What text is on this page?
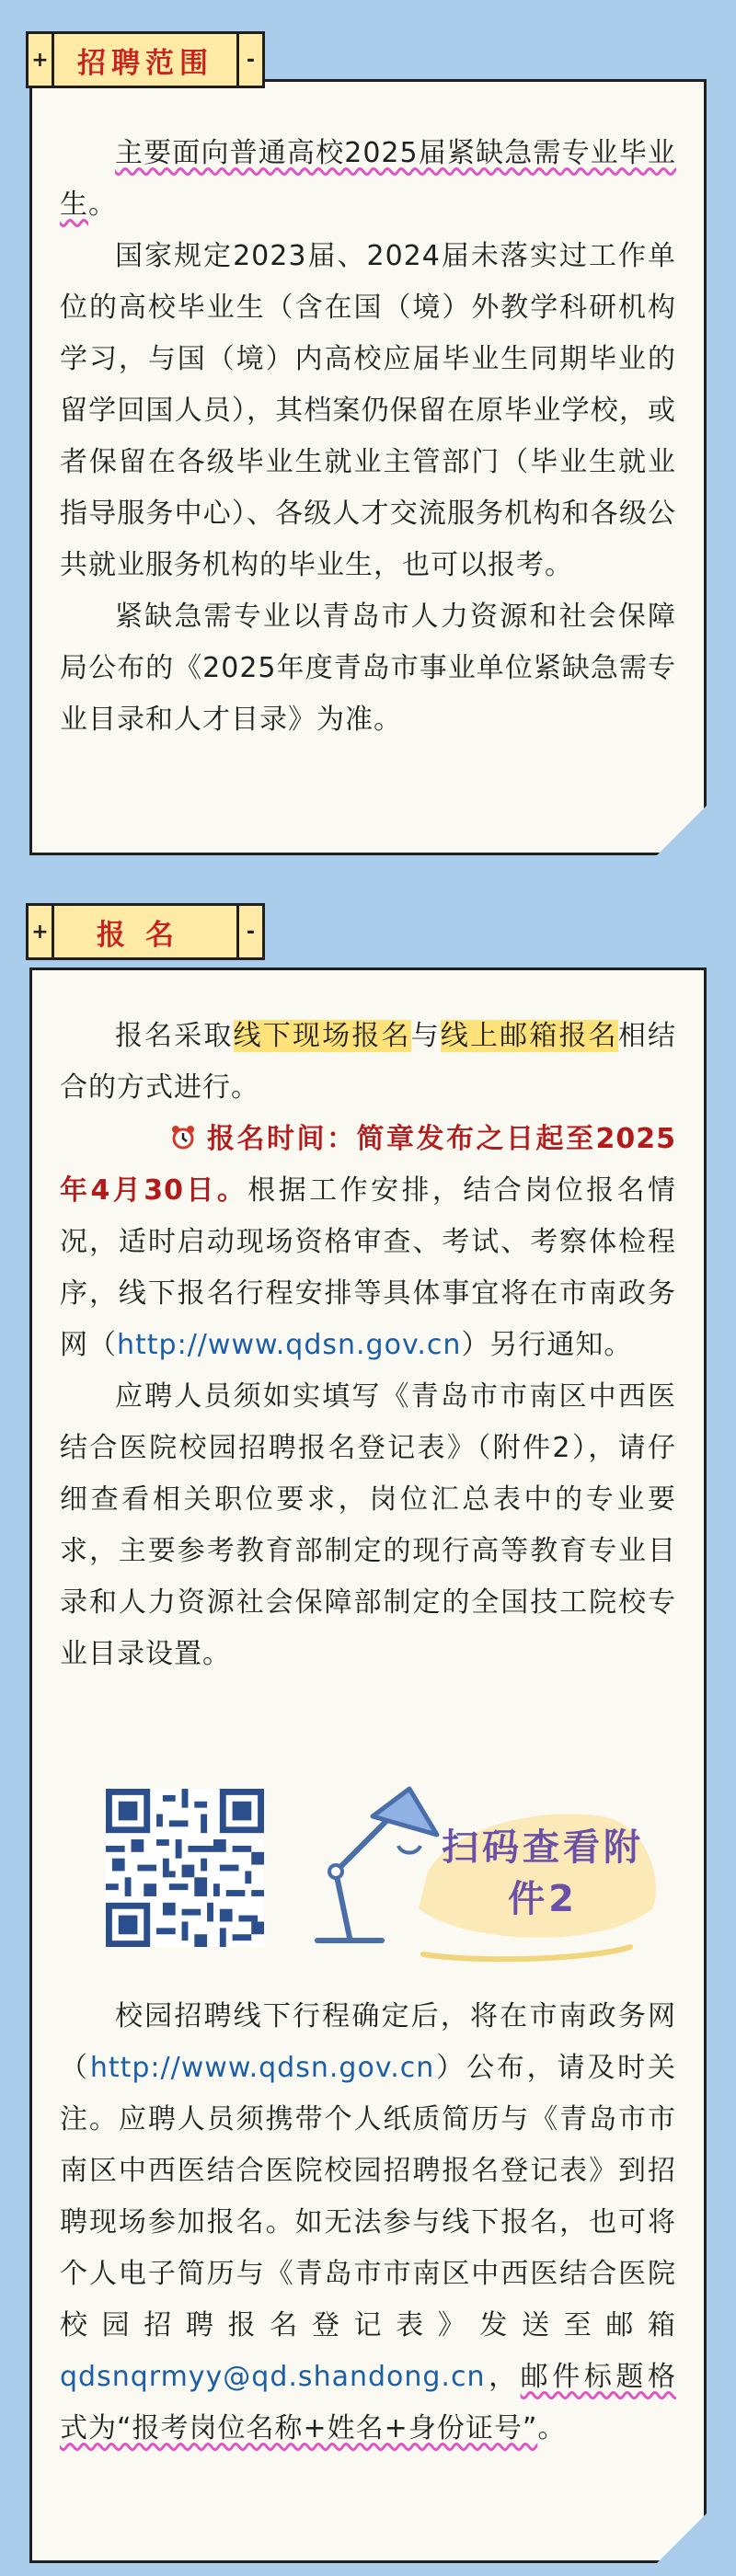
主要面向普通高校2025届紧缺急需专业毕业生。

国家规定2023届、2024届未落实过工作单位的高校毕业生（含在国（境）外教学科研机构学习，与国（境）内高校应届毕业生同期毕业的留学回国人员），其档案仍保留在原毕业学校，或者保留在各级毕业生就业主管部门（毕业生就业指导服务中心）、各级人才交流服务机构和各级公共就业服务机构的毕业生，也可以报考。

紧缺急需专业以青岛市人力资源和社会保障局公布的《2025年度青岛市事业单位紧缺急需专业目录和人才目录》为准。

+	招聘范围	-

报名采取线下现场报名与线上邮箱报名相结合的方式进行。

报名时间：简章发布之日起至2025年4月30日。根据工作安排，结合岗位报名情况，适时启动现场资格审查、考试、考察体检程序，线下报名行程安排等具体事宜将在市南政务网（http://www.qdsn.gov.cn）另行通知。

应聘人员须如实填写《青岛市市南区中西医结合医院校园招聘报名登记表》（附件2），请仔细查看相关职位要求，岗位汇总表中的专业要求，主要参考教育部制定的现行高等教育专业目录和人力资源社会保障部制定的全国技工院校专业目录设置。

扫码查看附件2

校园招聘线下行程确定后，将在市南政务网（http://www.qdsn.gov.cn）公布，请及时关注。应聘人员须携带个人纸质简历与《青岛市市南区中西医结合医院校园招聘报名登记表》到招聘现场参加报名。如无法参与线下报名，也可将个人电子简历与《青岛市市南区中西医结合医院校园招聘报名登记表》发送至邮箱qdsnqrmyy@qd.shandong.cn，邮件标题格式为“报考岗位名称+姓名+身份证号”。

+	报名	-
